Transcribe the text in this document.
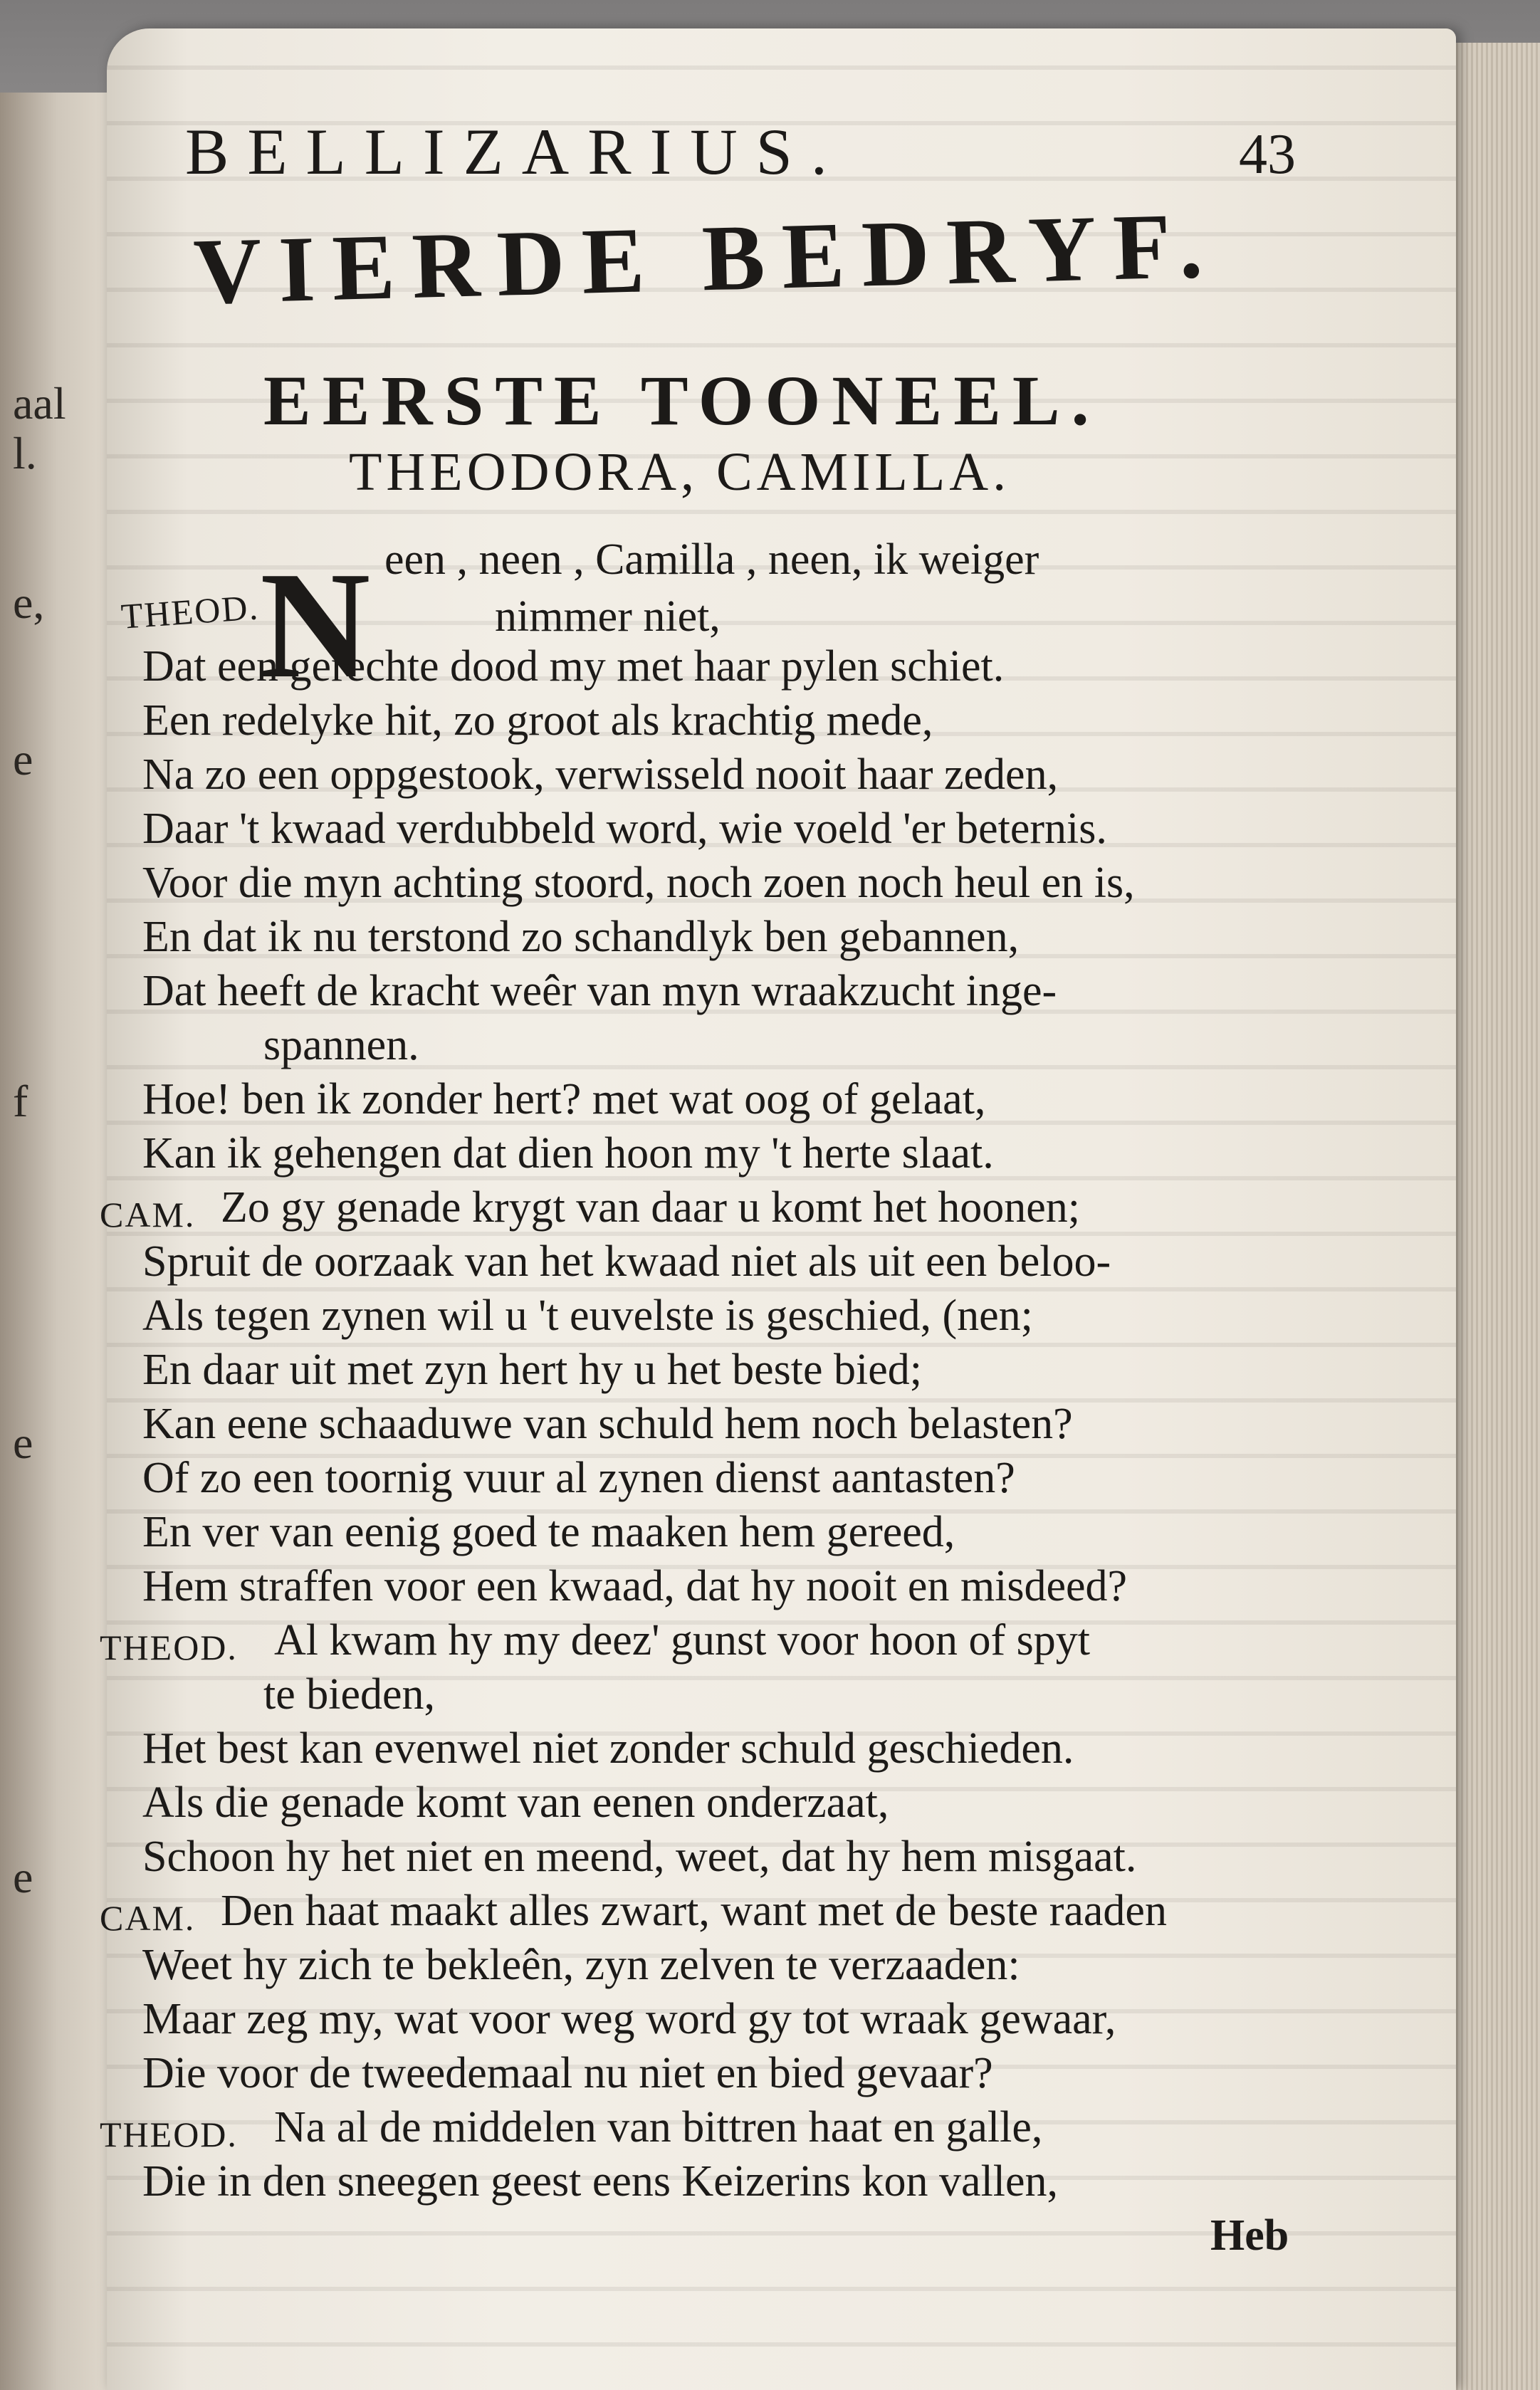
aal
l.
e,
e
f
e
e
BELLIZARIUS.	43
VIERDE BEDRYF.
EERSTE TOONEEL.
THEODORA, CAMILLA.
THEOD. N een , neen , Camilla , neen, ik weiger
nimmer niet,
Dat een gerechte dood my met haar pylen schiet.
Een redelyke hit, zo groot als krachtig mede,
Na zo een oppgestook, verwisseld nooit haar zeden,
Daar 't kwaad verdubbeld word, wie voeld 'er beternis.
Voor die myn achting stoord, noch zoen noch heul en is,
En dat ik nu terstond zo schandlyk ben gebannen,
Dat heeft de kracht weêr van myn wraakzucht inge-
spannen.
Hoe! ben ik zonder hert? met wat oog of gelaat,
Kan ik gehengen dat dien hoon my 't herte slaat.
CAM. Zo gy genade krygt van daar u komt het hoonen;
Spruit de oorzaak van het kwaad niet als uit een beloo-
Als tegen zynen wil u 't euvelste is geschied, (nen;
En daar uit met zyn hert hy u het beste bied;
Kan eene schaaduwe van schuld hem noch belasten?
Of zo een toornig vuur al zynen dienst aantasten?
En ver van eenig goed te maaken hem gereed,
Hem straffen voor een kwaad, dat hy nooit en misdeed?
THEOD. Al kwam hy my deez' gunst voor hoon of spyt
te bieden,
Het best kan evenwel niet zonder schuld geschieden.
Als die genade komt van eenen onderzaat,
Schoon hy het niet en meend, weet, dat hy hem misgaat.
CAM. Den haat maakt alles zwart, want met de beste raaden
Weet hy zich te bekleên, zyn zelven te verzaaden:
Maar zeg my, wat voor weg word gy tot wraak gewaar,
Die voor de tweedemaal nu niet en bied gevaar?
THEOD. Na al de middelen van bittren haat en galle,
Die in den sneegen geest eens Keizerins kon vallen,
Heb
